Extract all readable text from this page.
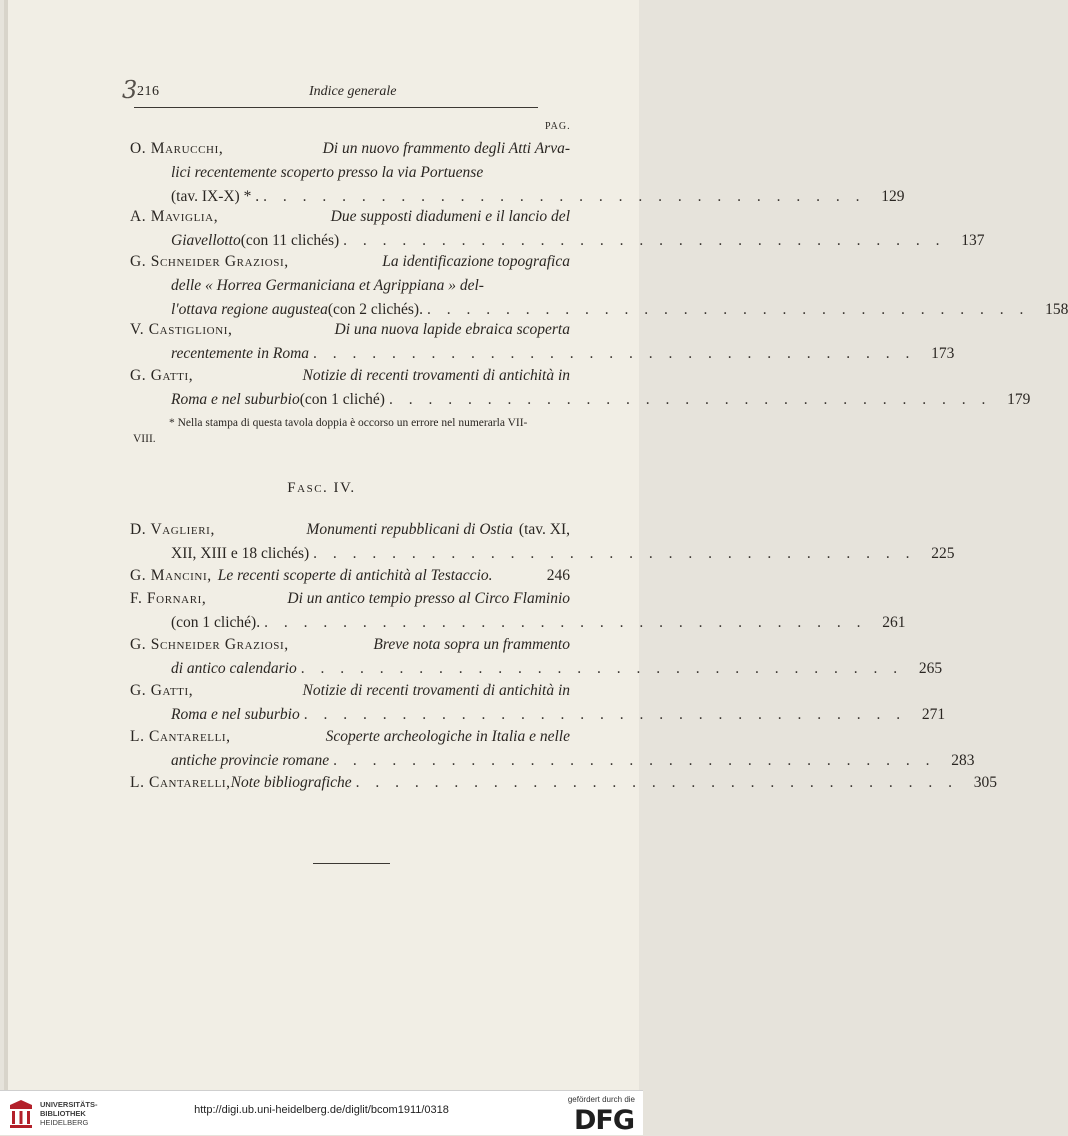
3 216	Indice generale
PAG.
O. Marucchi,	Di un nuovo frammento degli Atti Arva-
lici recentemente scoperto presso la via Portuense
(tav. IX-X) * . . . . . . . . . . . . . . . . . . . . . . . . . . . . . . . .	129
A. Maviglia,	Due supposti diadumeni e il lancio del
Giavellotto (con 11 clichés) . . . . . . . . . . . . . . . . . . . . . . . . . . . . . . .	137
G. Schneider Graziosi,	La identificazione topografica
delle « Horrea Germaniciana et Agrippiana » del-
l'ottava regione augustea (con 2 clichés). . . . . . . . . . . . . . . . . . . . . . . . . . . . . . . .	158
V. Castiglioni,	Di una nuova lapide ebraica scoperta
recentemente in Roma . . . . . . . . . . . . . . . . . . . . . . . . . . . . . . .	173
G. Gatti,	Notizie di recenti trovamenti di antichità in
Roma e nel suburbio (con 1 cliché) . . . . . . . . . . . . . . . . . . . . . . . . . . . . . . .	179
* Nella stampa di questa tavola doppia è occorso un errore nel numerarla VII-VIII.
Fasc. IV.
D. Vaglieri,	Monumenti repubblicani di Ostia (tav. XI,
XII, XIII e 18 clichés) . . . . . . . . . . . . . . . . . . . . . . . . . . . . . . .	225
G. Mancini, Le recenti scoperte di antichità al Testaccio.	246
F. Fornari,	Di un antico tempio presso al Circo Flaminio
(con 1 cliché). . . . . . . . . . . . . . . . . . . . . . . . . . . . . . . .	261
G. Schneider Graziosi,	Breve nota sopra un frammento
di antico calendario . . . . . . . . . . . . . . . . . . . . . . . . . . . . . . .	265
G. Gatti,	Notizie di recenti trovamenti di antichità in
Roma e nel suburbio . . . . . . . . . . . . . . . . . . . . . . . . . . . . . . .	271
L. Cantarelli,	Scoperte archeologiche in Italia e nelle
antiche provincie romane . . . . . . . . . . . . . . . . . . . . . . . . . . . . . . .	283
L. Cantarelli, Note bibliografiche . . . . . . . . . . . . . . . . . . . . . . . . . . . . . . .	305
UNIVERSITÄTS-
BIBLIOTHEK
HEIDELBERG
http://digi.ub.uni-heidelberg.de/diglit/bcom1911/0318
gefördert durch die
DFG
